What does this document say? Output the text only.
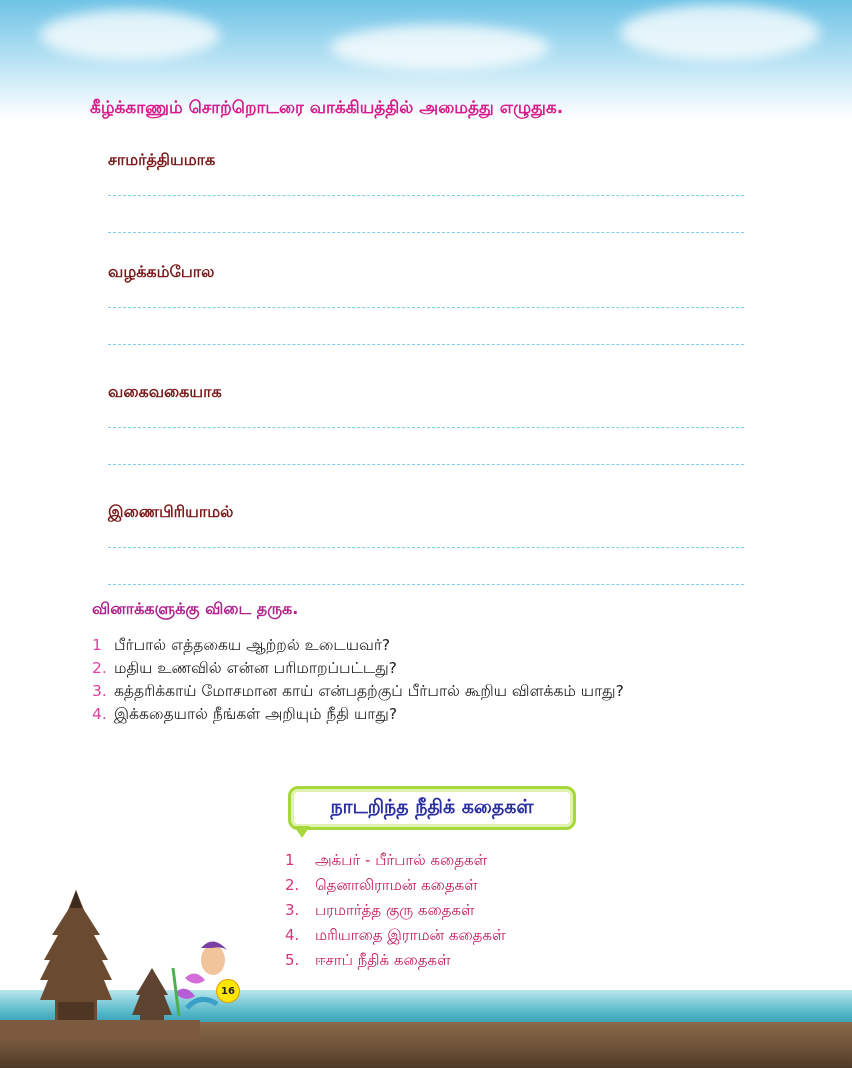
கீழ்க்காணும் சொற்றொடரை வாக்கியத்தில் அமைத்து எழுதுக.
சாமர்த்தியமாக
வழக்கம்போல
வகைவகையாக
இணைபிரியாமல்
வினாக்களுக்கு விடை தருக.
1 பீர்பால் எத்தகைய ஆற்றல் உடையவர்?
2. மதிய உணவில் என்ன பரிமாறப்பட்டது?
3. கத்தரிக்காய் மோசமான காய் என்பதற்குப் பீர்பால் கூறிய விளக்கம் யாது?
4. இக்கதையால் நீங்கள் அறியும் நீதி யாது?
நாடறிந்த நீதிக் கதைகள்
1 அக்பர் - பீர்பால் கதைகள்
2. தெனாலிராமன் கதைகள்
3. பரமார்த்த குரு கதைகள்
4. மரியாதை இராமன் கதைகள்
5. ஈசாப் நீதிக் கதைகள்
16
